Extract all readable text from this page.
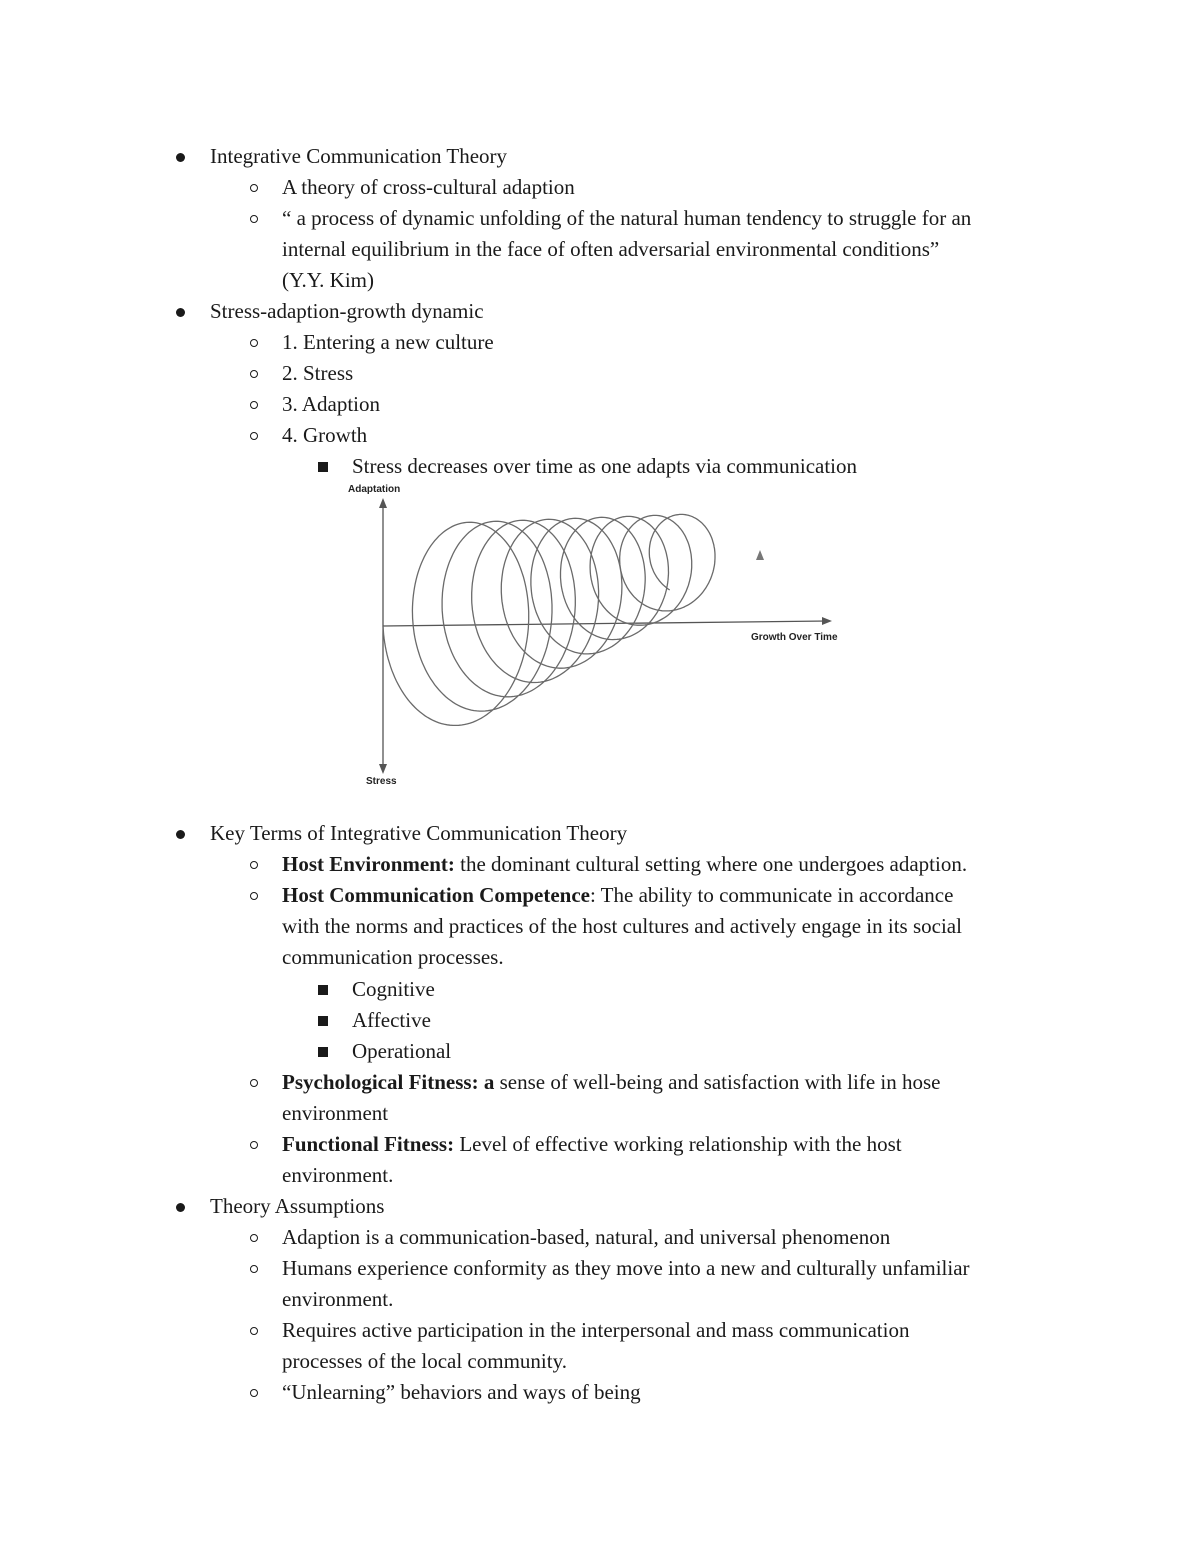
Integrative Communication Theory
A theory of cross-cultural adaption
“ a process of dynamic unfolding of the natural human tendency to struggle for an
internal equilibrium in the face of often adversarial environmental conditions”
(Y.Y. Kim)
Stress-adaption-growth dynamic
1. Entering a new culture
2. Stress
3. Adaption
4. Growth
Stress decreases over time as one adapts via communication
Adaptation
Growth Over Time
Stress
Key Terms of Integrative Communication Theory
Host Environment: the dominant cultural setting where one undergoes adaption.
Host Communication Competence: The ability to communicate in accordance
with the norms and practices of the host cultures and actively engage in its social
communication processes.
Cognitive
Affective
Operational
Psychological Fitness: a sense of well-being and satisfaction with life in hose
environment
Functional Fitness: Level of effective working relationship with the host
environment.
Theory Assumptions
Adaption is a communication-based, natural, and universal phenomenon
Humans experience conformity as they move into a new and culturally unfamiliar
environment.
Requires active participation in the interpersonal and mass communication
processes of the local community.
“Unlearning” behaviors and ways of being
